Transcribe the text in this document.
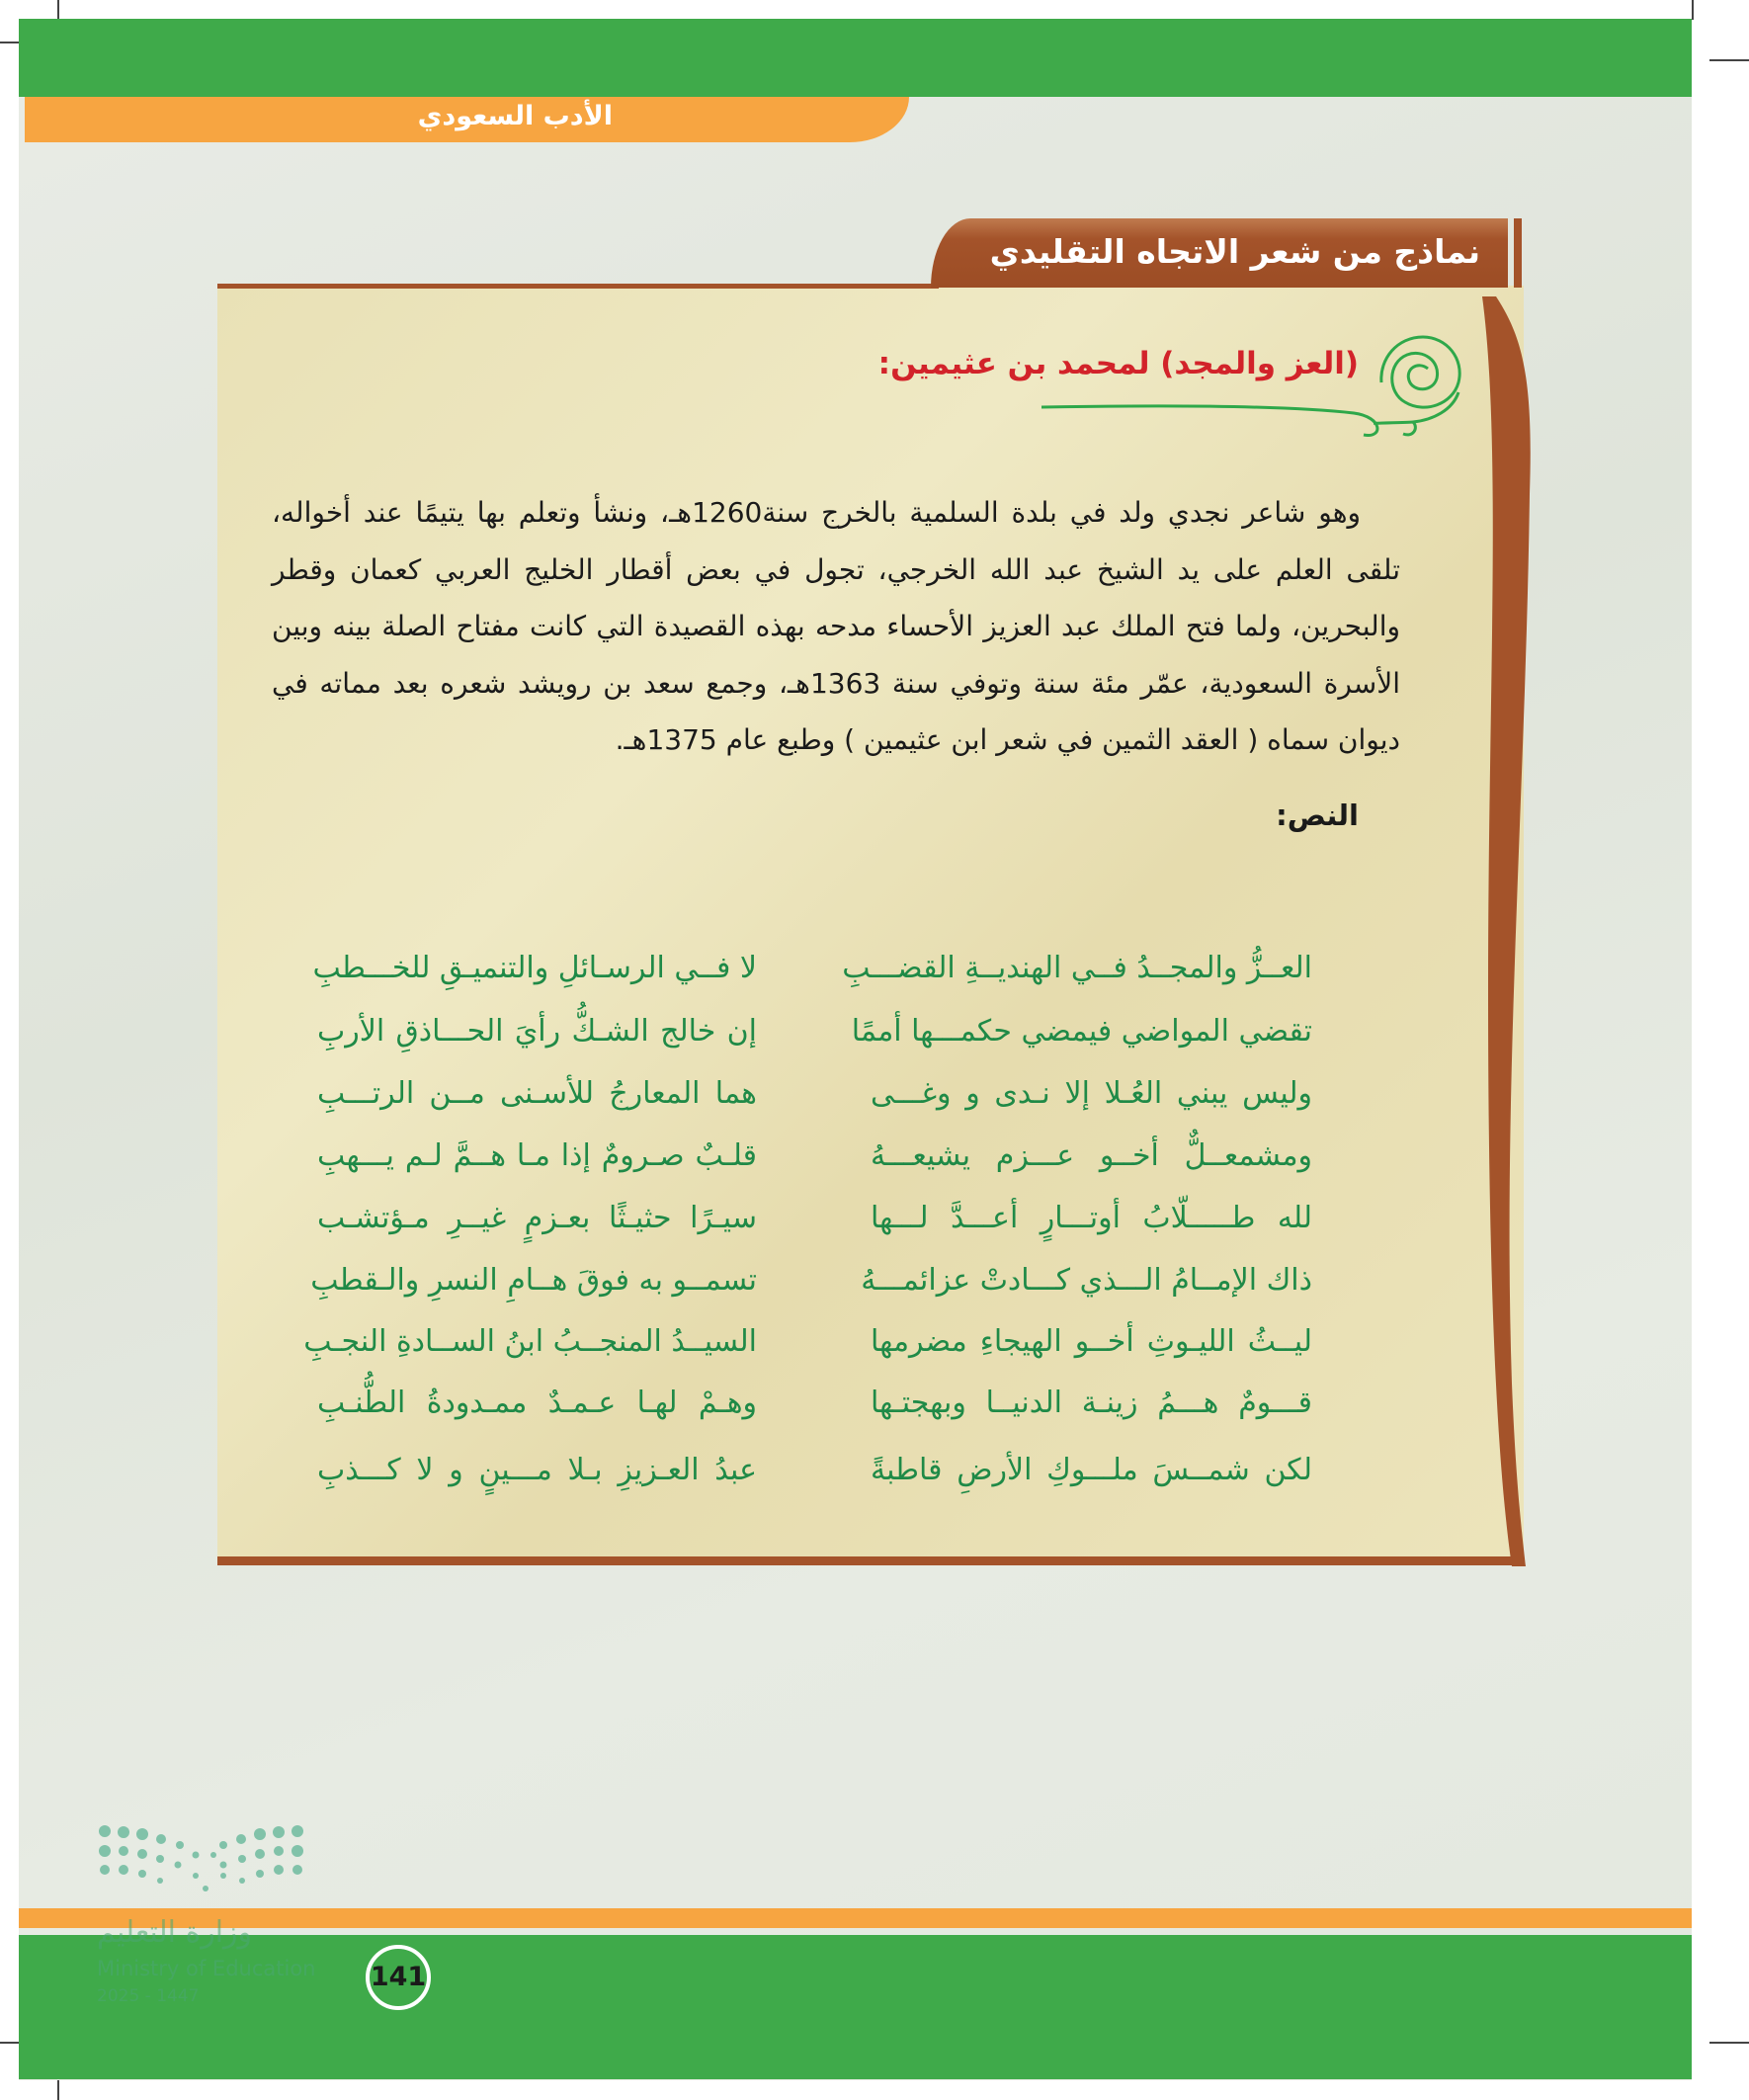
الأدب السعودي
نماذج من شعر الاتجاه التقليدي
(العز والمجد) لمحمد بن عثيمين:

وهو شاعر نجدي ولد في بلدة السلمية بالخرج سنة1260هـ، ونشأ وتعلم بها يتيمًا عند أخواله، تلقى العلم على يد الشيخ عبد الله الخرجي، تجول في بعض أقطار الخليج العربي كعمان وقطر والبحرين، ولما فتح الملك عبد العزيز الأحساء مدحه بهذه القصيدة التي كانت مفتاح الصلة بينه وبين الأسرة السعودية، عمّر مئة سنة وتوفي سنة 1363هـ، وجمع سعد بن رويشد شعره بعد مماته في ديوان سماه ( العقد الثمين في شعر ابن عثيمين ) وطبع عام 1375هـ.

النص:
العــزُّ والمجــدُ فــي الهنديــةِ القضـــبِ
لا فــي الرسـائلِ والتنميـقِ للخـــطبِ
تقضي المواضي فيمضي حكمـــها أممًا
إن خالج الشـكُّ رأيَ الحـــاذقِ الأربِ
وليس يبني العُـلا إلا نـدى و وغـــى
هما المعارجُ للأسـنى مــن الرتـــبِ
ومشمعــلٌّ أخــو عـــزم يشيعـــهُ
قلـبٌ صـرومٌ إذا مـا هــمَّ لـم يـــهبِ
لله طـــــلّابُ أوتـــارٍ أعـــدَّ لـــها
سيـرًا حثيـثًا بعـزمٍ غيــرِ مـؤتشـب
ذاك الإمــامُ الـــذي كـــادتْ عزائمـــهُ
تسمــو به فوقَ هــامِ النسرِ والـقطبِ
ليــثُ الليـوثِ أخــو الهيجاءِ مضرمها
السيــدُ المنجــبُ ابنُ الســادةِ النجـبِ
قـــومٌ هـــمُ زينـة الدنيــا وبهجتـها
وهـمْ لهـا عـمـدٌ ممـدودةُ الطُّنـبِ
لكن شمــسَ ملـــوكِ الأرضِ قاطبةً
عبدُ العـزيزِ بـلا مـــينٍ و لا كـــذبِ
وزارة التعليم
Ministry of Education
2025 - 1447
141
